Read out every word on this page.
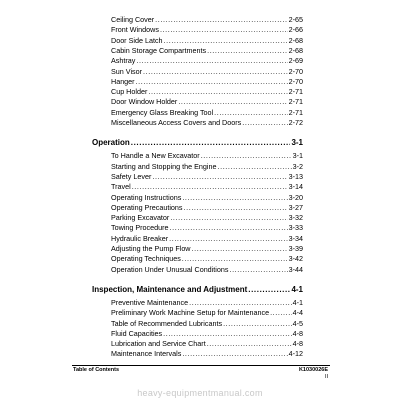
Ceiling Cover .....	2-65
Front Windows .....	2-66
Door Side Latch .....	2-68
Cabin Storage Compartments .....	2-68
Ashtray .....	2-69
Sun Visor .....	2-70
Hanger .....	2-70
Cup Holder .....	2-71
Door Window Holder .....	2-71
Emergency Glass Breaking Tool .....	2-71
Miscellaneous Access Covers and Doors .....	2-72
Operation .....	3-1
To Handle a New Excavator .....	3-1
Starting and Stopping the Engine .....	3-2
Safety Lever .....	3-13
Travel .....	3-14
Operating Instructions .....	3-20
Operating Precautions .....	3-27
Parking Excavator .....	3-32
Towing Procedure .....	3-33
Hydraulic Breaker .....	3-34
Adjusting the Pump Flow .....	3-39
Operating Techniques .....	3-42
Operation Under Unusual Conditions .....	3-44
Inspection, Maintenance and Adjustment .....	4-1
Preventive Maintenance .....	4-1
Preliminary Work Machine Setup for Maintenance .....	4-4
Table of Recommended Lubricants .....	4-5
Fluid Capacities .....	4-8
Lubrication and Service Chart .....	4-8
Maintenance Intervals .....	4-12
Table of Contents	K1030026E
II
heavy-equipmentmanual.com
